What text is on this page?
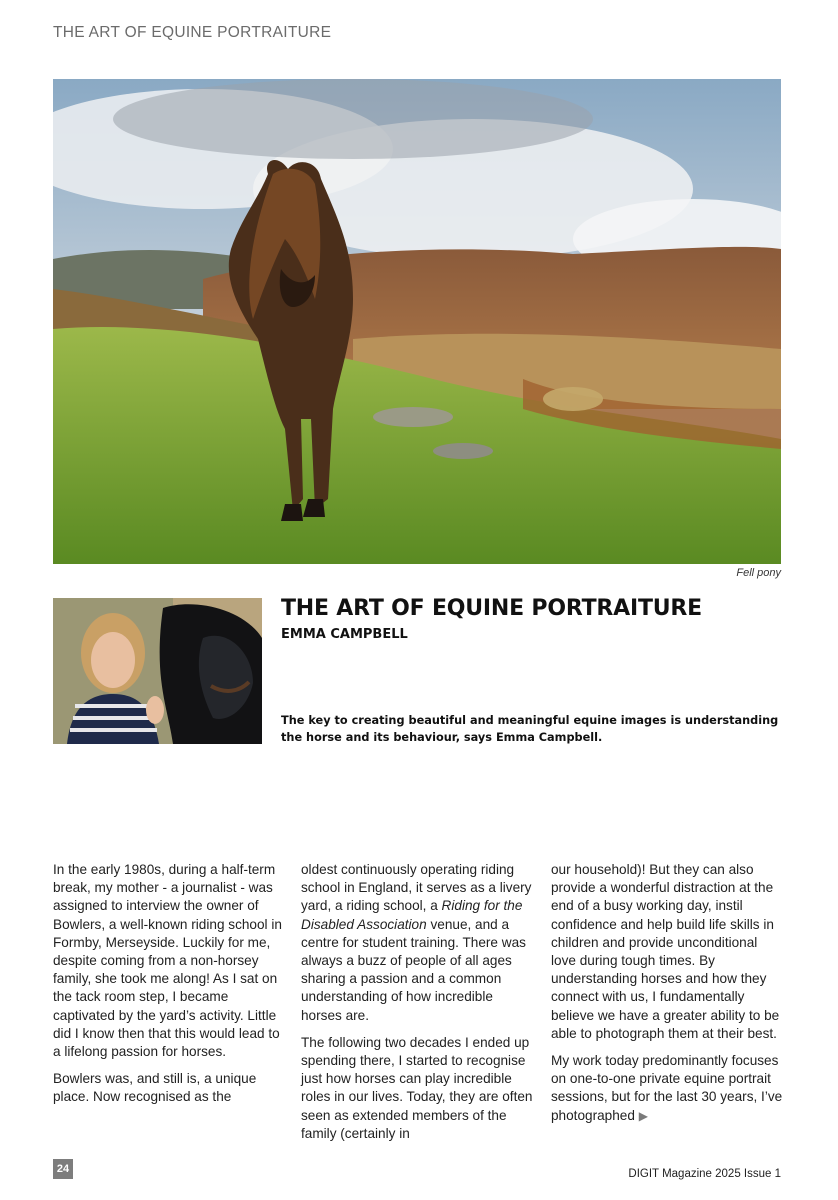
THE ART OF EQUINE PORTRAITURE
Fell pony
THE ART OF EQUINE PORTRAITURE
EMMA CAMPBELL
The key to creating beautiful and meaningful equine images is understanding the horse and its behaviour, says Emma Campbell.

In the early 1980s, during a half-term break, my mother - a journalist - was assigned to interview the owner of Bowlers, a well-known riding school in Formby, Merseyside. Luckily for me, despite coming from a non-horsey family, she took me along! As I sat on the tack room step, I became captivated by the yard’s activity. Little did I know then that this would lead to a lifelong passion for horses.

Bowlers was, and still is, a unique place. Now recognised as the

oldest continuously operating riding school in England, it serves as a livery yard, a riding school, a Riding for the Disabled Association venue, and a centre for student training. There was always a buzz of people of all ages sharing a passion and a common understanding of how incredible horses are.

The following two decades I ended up spending there, I started to recognise just how horses can play incredible roles in our lives. Today, they are often seen as extended members of the family (certainly in

our household)! But they can also provide a wonderful distraction at the end of a busy working day, instil confidence and help build life skills in children and provide unconditional love during tough times. By understanding horses and how they connect with us, I fundamentally believe we have a greater ability to be able to photograph them at their best.

My work today predominantly focuses on one-to-one private equine portrait sessions, but for the last 30 years, I’ve photographed ▶

24	DIGIT Magazine 2025 Issue 1
